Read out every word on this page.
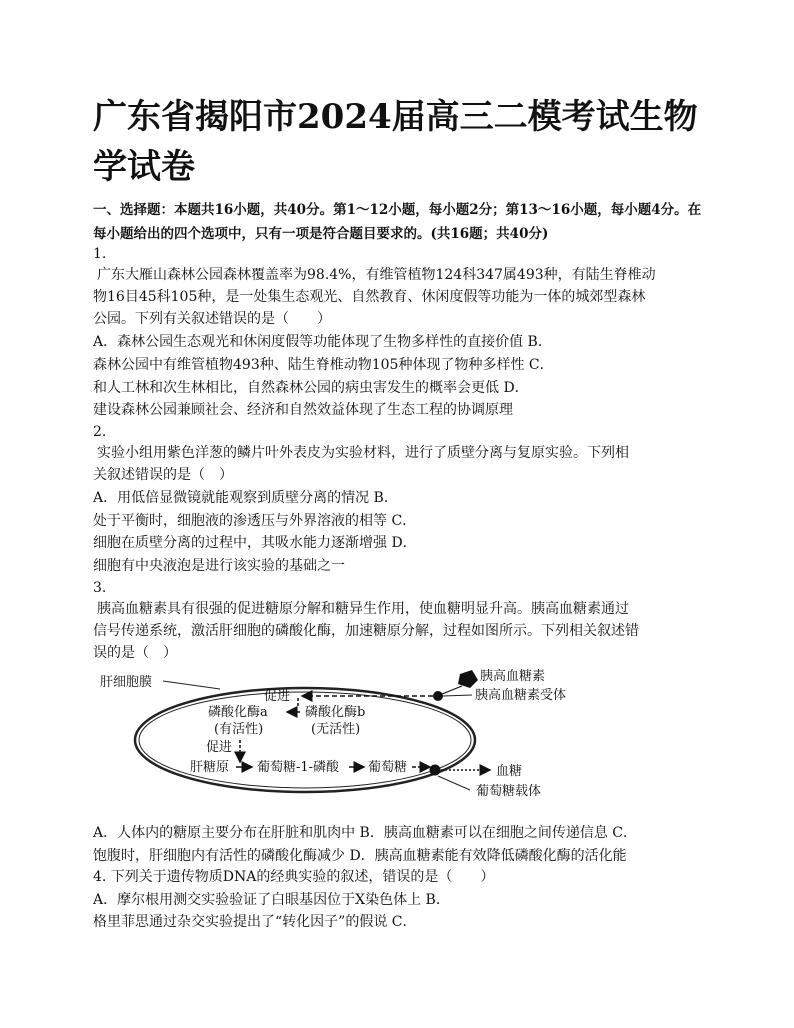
广东省揭阳市2024届高三二模考试生物学试卷

一、选择题：本题共16小题，共40分。第1～12小题，每小题2分；第13～16小题，每小题4分。在每小题给出的四个选项中，只有一项是符合题目要求的。(共16题；共40分)

1.

广东大雁山森林公园森林覆盖率为98.4%，有维管植物124科347属493种，有陆生脊椎动

物16目45科105种，是一处集生态观光、自然教育、休闲度假等功能为一体的城郊型森林

公园。下列有关叙述错误的是（　　）

A．森林公园生态观光和休闲度假等功能体现了生物多样性的直接价值 B．

森林公园中有维管植物493种、陆生脊椎动物105种体现了物种多样性 C．

和人工林和次生林相比，自然森林公园的病虫害发生的概率会更低 D．

建设森林公园兼顾社会、经济和自然效益体现了生态工程的协调原理

2.

实验小组用紫色洋葱的鳞片叶外表皮为实验材料，进行了质壁分离与复原实验。下列相

关叙述错误的是（　）

A．用低倍显微镜就能观察到质壁分离的情况 B．

处于平衡时，细胞液的渗透压与外界溶液的相等 C．

细胞在质壁分离的过程中，其吸水能力逐渐增强 D．

细胞有中央液泡是进行该实验的基础之一

3.

胰高血糖素具有很强的促进糖原分解和糖异生作用，使血糖明显升高。胰高血糖素通过

信号传递系统，激活肝细胞的磷酸化酶，加速糖原分解，过程如图所示。下列相关叙述错

误的是（　）

肝细胞膜	胰高血糖素
胰高血糖素受体
促进
磷酸化酶a
(有活性)
磷酸化酶b
(无活性)
促进
肝糖原 葡萄糖-1-磷酸 葡萄糖	血糖
葡萄糖载体

A．人体内的糖原主要分布在肝脏和肌肉中 B．胰高血糖素可以在细胞之间传递信息 C．

饱腹时，肝细胞内有活性的磷酸化酶减少 D．胰高血糖素能有效降低磷酸化酶的活化能

4. 下列关于遗传物质DNA的经典实验的叙述，错误的是（　　）

A．摩尔根用测交实验验证了白眼基因位于X染色体上 B．

格里菲思通过杂交实验提出了“转化因子”的假说 C．
